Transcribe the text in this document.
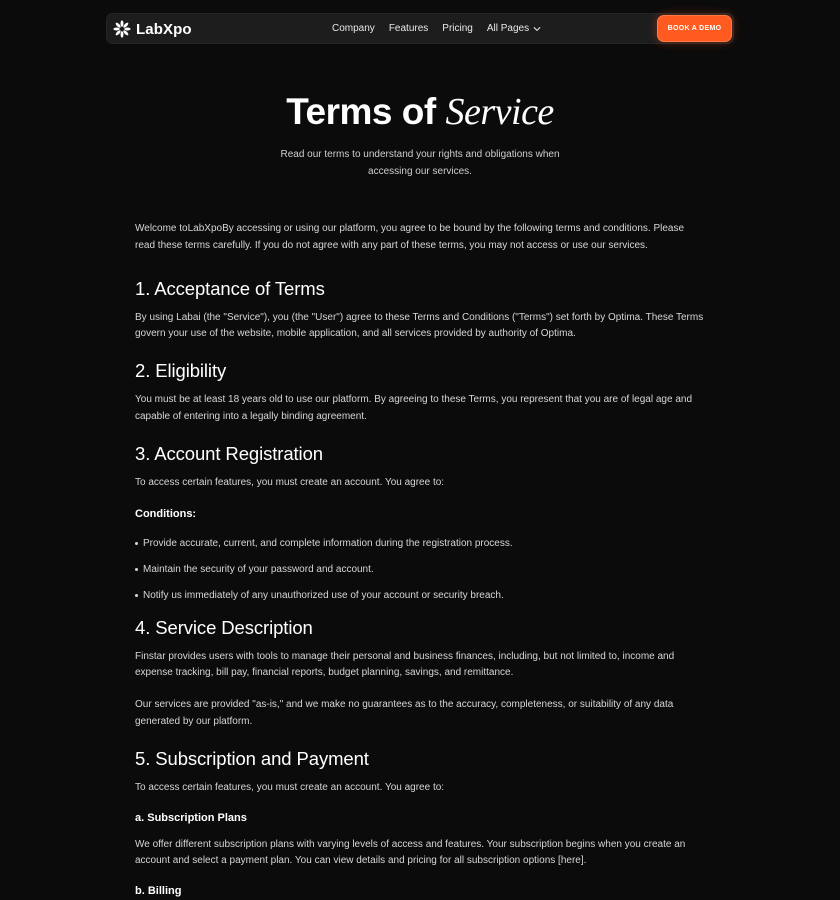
LabXpo	Company Features Pricing All Pages	BOOK A DEMO
Terms of Service
Read our terms to understand your rights and obligations when accessing our services.

Welcome toLabXpoBy accessing or using our platform, you agree to be bound by the following terms and conditions. Please read these terms carefully. If you do not agree with any part of these terms, you may not access or use our services.

1. Acceptance of Terms

By using Labai (the "Service"), you (the "User") agree to these Terms and Conditions ("Terms") set forth by Optima. These Terms govern your use of the website, mobile application, and all services provided by authority of Optima.

2. Eligibility

You must be at least 18 years old to use our platform. By agreeing to these Terms, you represent that you are of legal age and capable of entering into a legally binding agreement.

3. Account Registration

To access certain features, you must create an account. You agree to:

Conditions:
Provide accurate, current, and complete information during the registration process.
Maintain the security of your password and account.
Notify us immediately of any unauthorized use of your account or security breach.
4. Service Description

Finstar provides users with tools to manage their personal and business finances, including, but not limited to, income and expense tracking, bill pay, financial reports, budget planning, savings, and remittance.

Our services are provided "as-is," and we make no guarantees as to the accuracy, completeness, or suitability of any data generated by our platform.

5. Subscription and Payment

To access certain features, you must create an account. You agree to:

a. Subscription Plans

We offer different subscription plans with varying levels of access and features. Your subscription begins when you create an account and select a payment plan. You can view details and pricing for all subscription options [here].

b. Billing
